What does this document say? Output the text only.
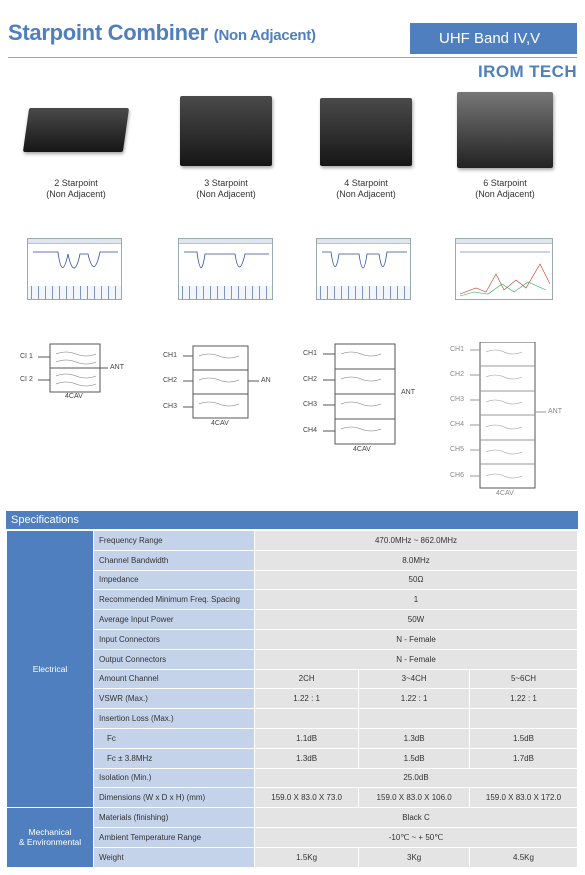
Starpoint Combiner (Non Adjacent)	UHF Band IV,V
IROM TECH
2 Starpoint
(Non Adjacent)
3 Starpoint
(Non Adjacent)
4 Starpoint
(Non Adjacent)
6 Starpoint
(Non Adjacent)
CI 1
CI 2
ANT
4CAV
CH1
CH2
CH3
AN
4CAV
CH1
CH2
CH3
CH4
ANT
4CAV
CH1
CH2
CH3
CH4
CH5
CH6
ANT
4CAV
Specifications
Electrical	Frequency Range	470.0MHz ~ 862.0MHz		
	Channel Bandwidth	8.0MHz		
	Impedance	50Ω		
	Recommended Minimum Freq. Spacing	1		
	Average Input Power	50W		
	Input Connectors	N - Female		
	Output Connectors	N - Female		
	Amount Channel	2CH	3~4CH	5~6CH
	VSWR (Max.)	1.22 : 1	1.22 : 1	1.22 : 1
	Insertion Loss (Max.)			
	Fc	1.1dB	1.3dB	1.5dB
	Fc ± 3.8MHz	1.3dB	1.5dB	1.7dB
	Isolation (Min.)	25.0dB		
	Dimensions (W x D x H) (mm)	159.0 X 83.0 X 73.0	159.0 X 83.0 X 106.0	159.0 X 83.0 X 172.0

Mechanical
& Environmental	Materials (finishing)	Black C		
	Ambient Temperature Range	-10℃ ~ + 50℃		
	Weight	1.5Kg	3Kg	4.5Kg
